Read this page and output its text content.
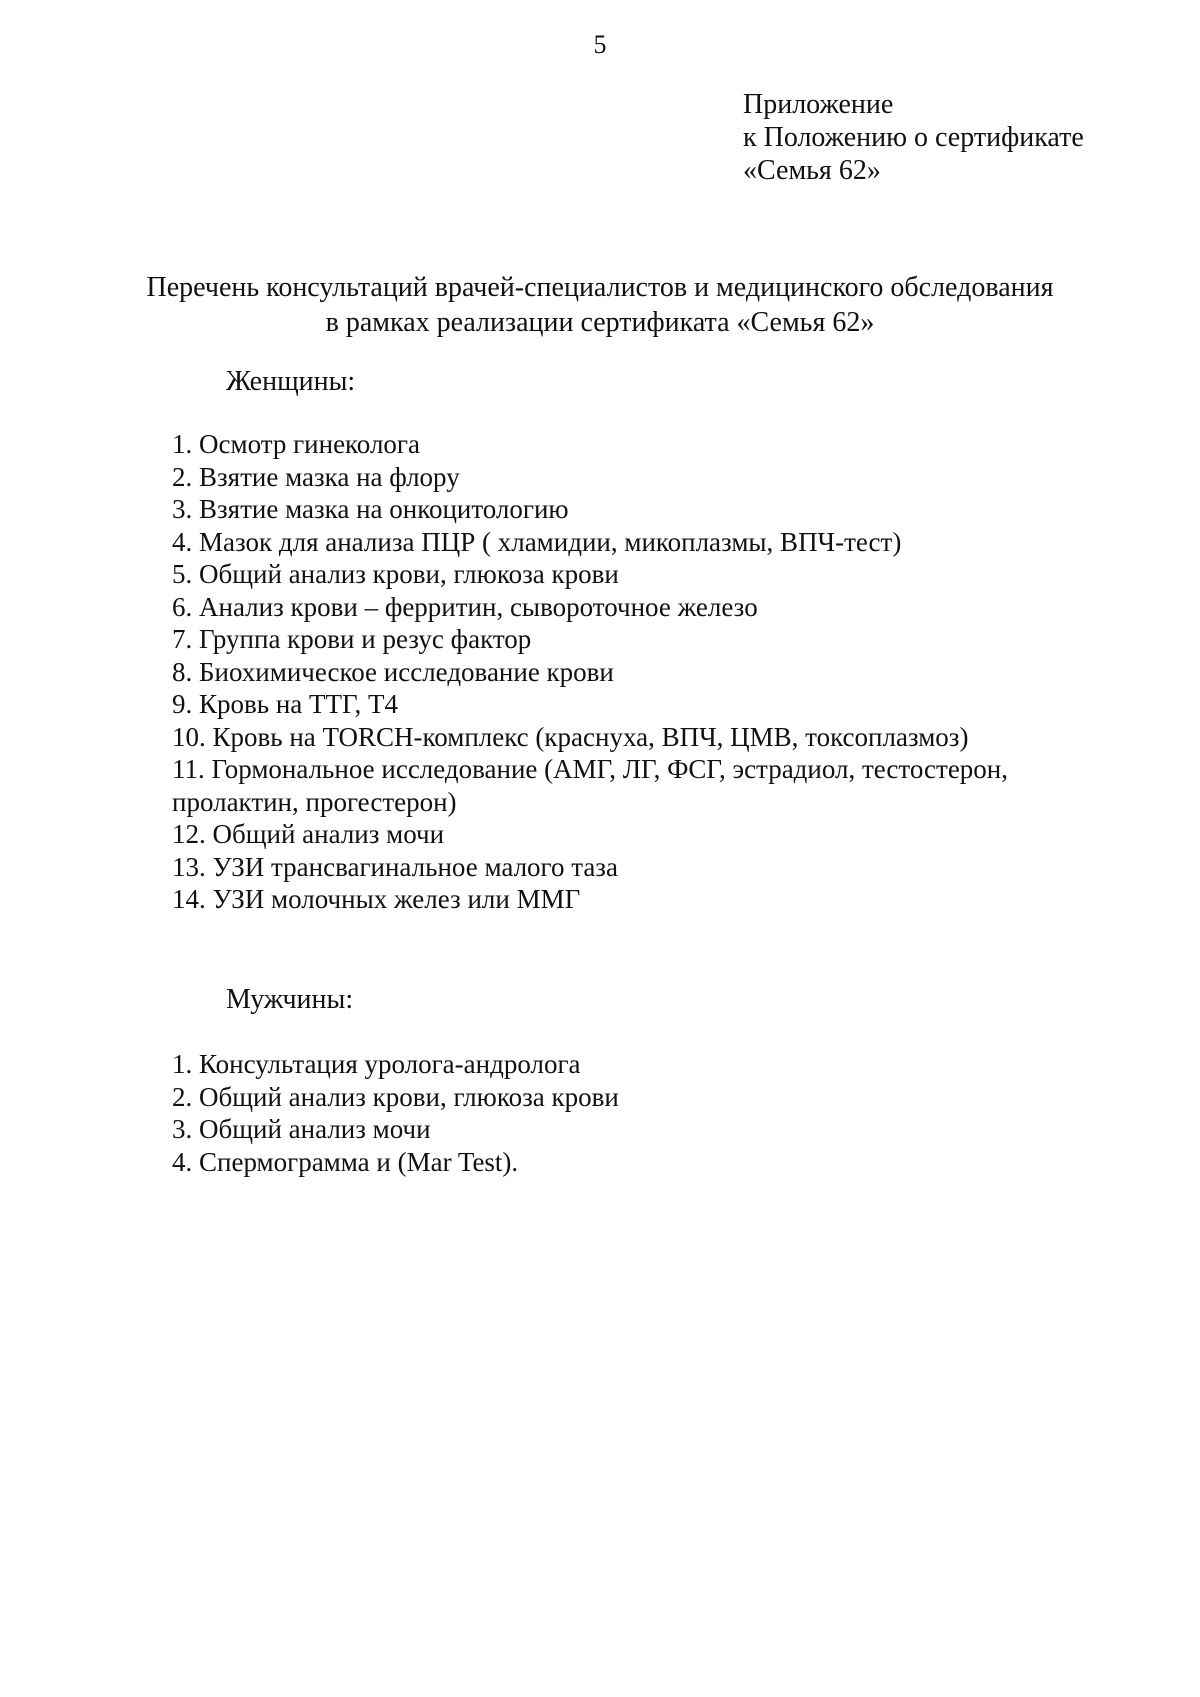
5
Приложение
к Положению о сертификате
«Семья 62»
Перечень консультаций врачей-специалистов и медицинского обследования
в рамках реализации сертификата «Семья 62»
Женщины:
1. Осмотр гинеколога
2. Взятие мазка на флору
3. Взятие мазка на онкоцитологию
4. Мазок для анализа ПЦР ( хламидии, микоплазмы, ВПЧ-тест)
5. Общий анализ крови, глюкоза крови
6. Анализ крови – ферритин, сывороточное железо
7. Группа крови и резус фактор
8. Биохимическое исследование крови
9. Кровь на ТТГ, Т4
10. Кровь на TORCH-комплекс (краснуха, ВПЧ, ЦМВ, токсоплазмоз)
11. Гормональное исследование (АМГ, ЛГ, ФСГ, эстрадиол, тестостерон, пролактин, прогестерон)
12. Общий анализ мочи
13. УЗИ трансвагинальное малого таза
14. УЗИ молочных желез или ММГ
Мужчины:
1. Консультация уролога-андролога
2. Общий анализ крови, глюкоза крови
3. Общий анализ мочи
4. Спермограмма и (Mar Test).
